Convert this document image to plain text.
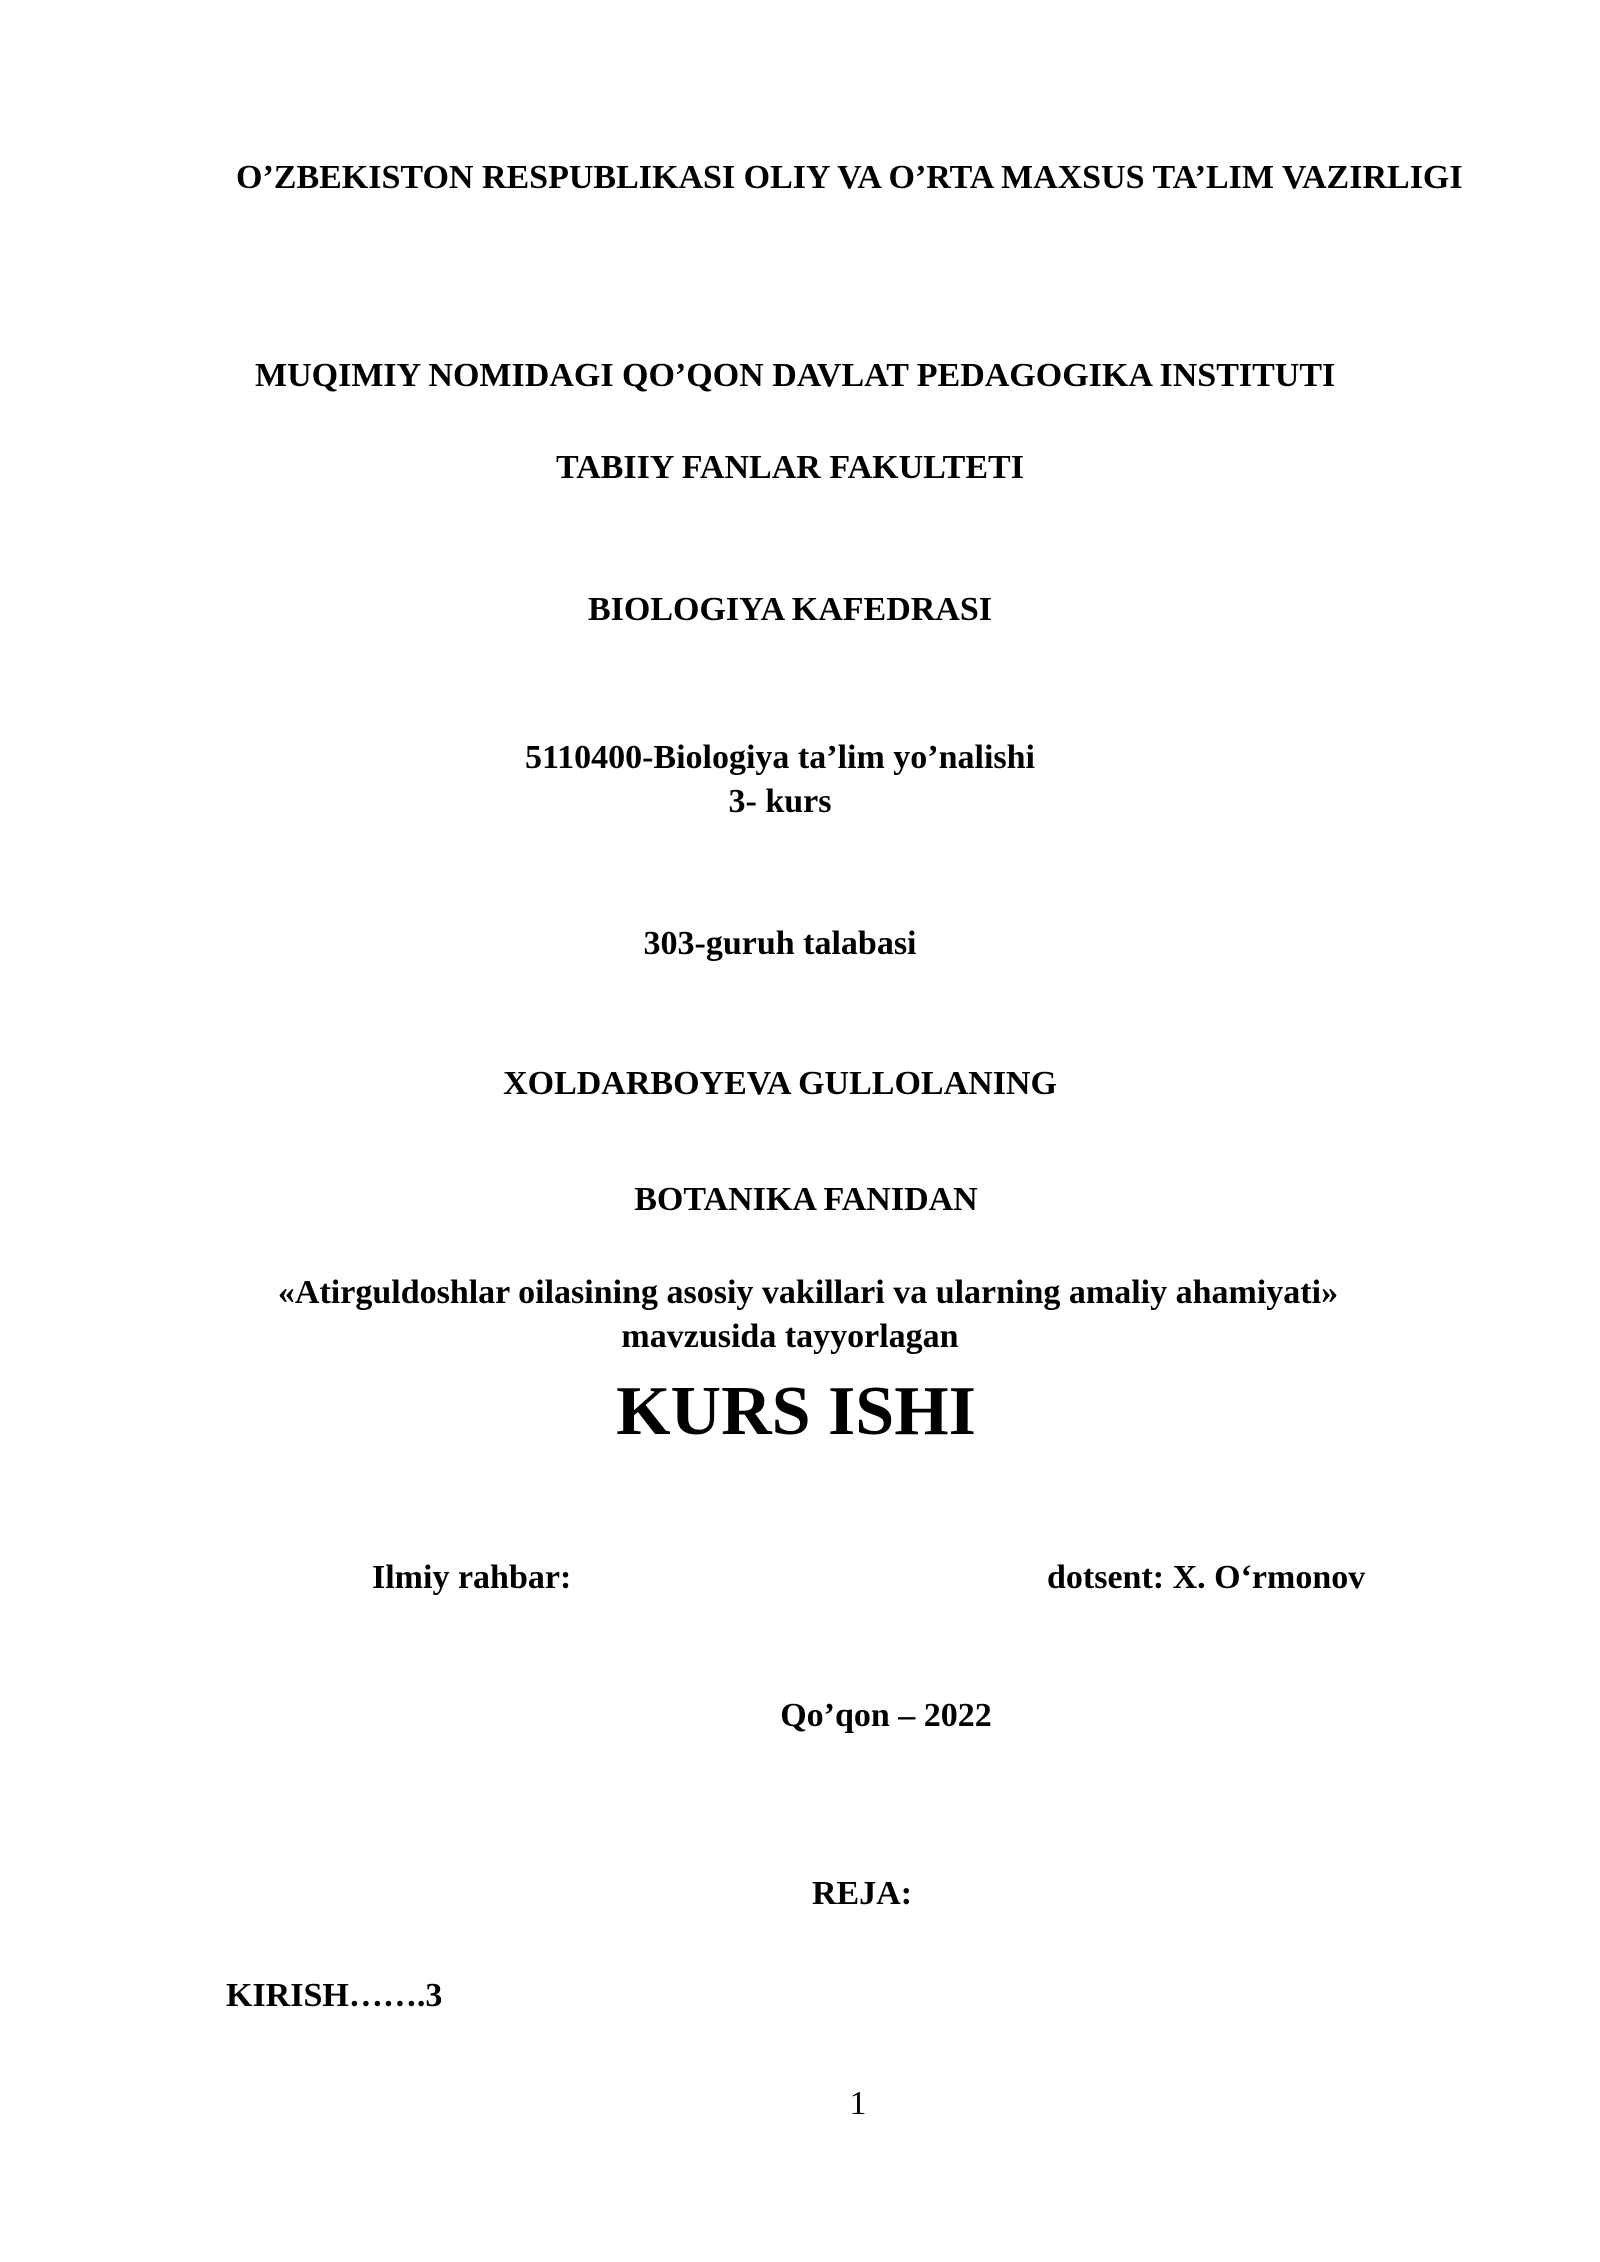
O’ZBEKISTON RESPUBLIKASI OLIY VA O’RTA MAXSUS TA’LIM VAZIRLIGI

MUQIMIY NOMIDAGI QO’QON DAVLAT PEDAGOGIKA INSTITUTI

TABIIY FANLAR FAKULTETI

BIOLOGIYA KAFEDRASI

5110400-Biologiya ta’lim yo’nalishi

3- kurs

303-guruh talabasi

XOLDARBOYEVA GULLOLANING

BOTANIKA FANIDAN

«Atirguldoshlar oilasining asosiy vakillari va ularning amaliy ahamiyati»

mavzusida tayyorlagan

KURS ISHI

Ilmiy rahbar:	dotsent: X. O‘rmonov

Qo’qon – 2022

REJA:

KIRISH…….3

1
